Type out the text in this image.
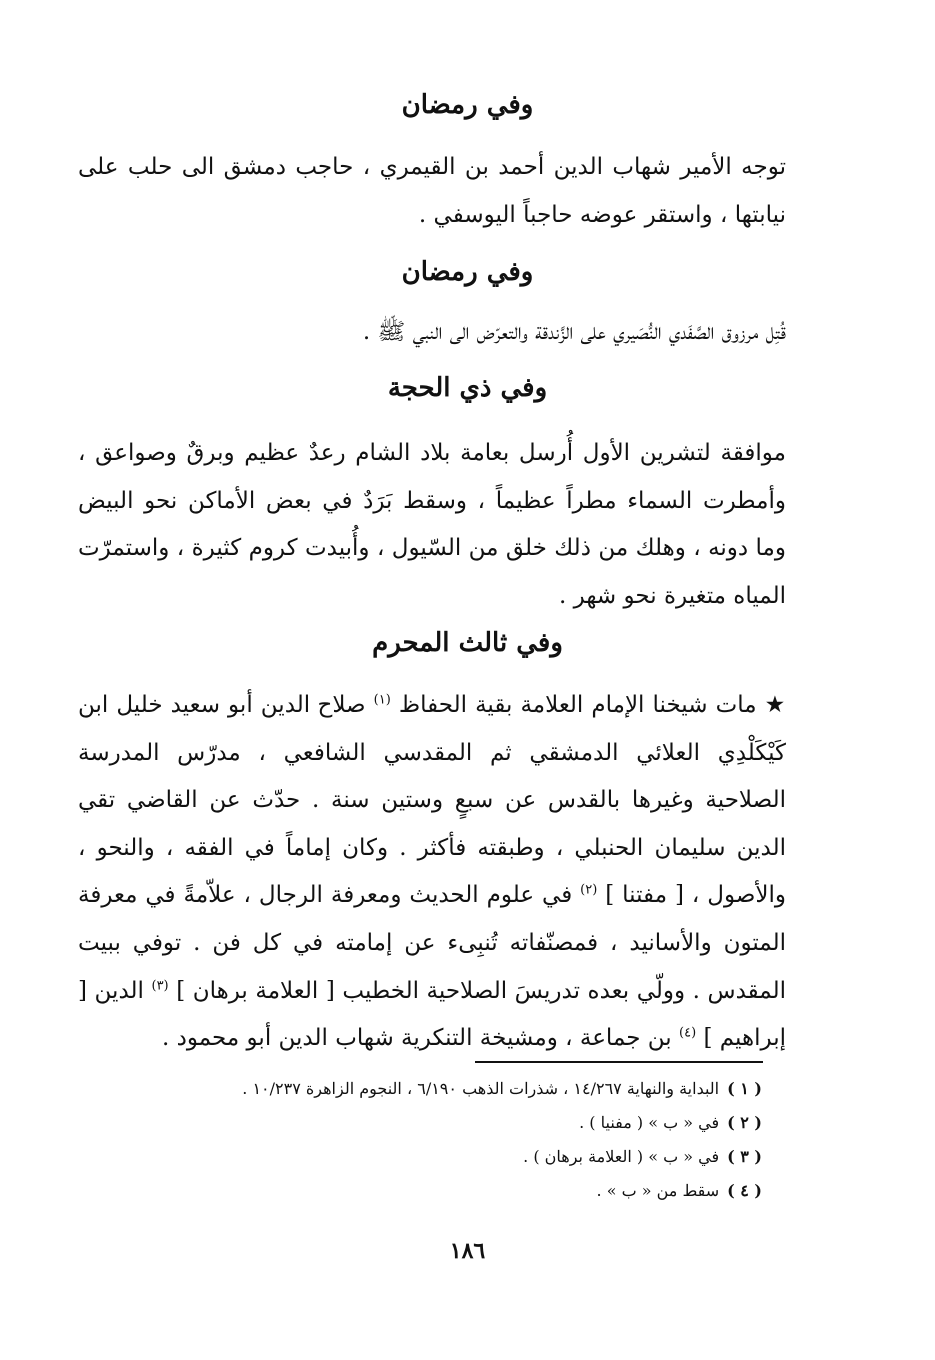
وفي رمضان
توجه الأمير شهاب الدين أحمد بن القيمري ، حاجب دمشق الى حلب على نيابتها ، واستقر عوضه حاجباً اليوسفي .
وفي رمضان
قُتِل مرزوق الصَّفَدي النُّصَيري على الزَّندقة والتعرّض الى النبي ﷺ .
وفي ذي الحجة
موافقة لتشرين الأول أُرسل بعامة بلاد الشام رعدٌ عظيم وبرقٌ وصواعق ، وأمطرت السماء مطراً عظيماً ، وسقط بَرَدٌ في بعض الأماكن نحو البيض وما دونه ، وهلك من ذلك خلق من السّيول ، وأُبيدت كروم كثيرة ، واستمرّت المياه متغيرة نحو شهر .
وفي ثالث المحرم
★ مات شيخنا الإمام العلامة بقية الحفاظ $^{(١)}$ صلاح الدين أبو سعيد خليل ابن كَيْكَلْدِي العلائي الدمشقي ثم المقدسي الشافعي ، مدرّس المدرسة الصلاحية وغيرها بالقدس عن سبعٍ وستين سنة . حدّث عن القاضي تقي الدين سليمان الحنبلي ، وطبقته فأكثر . وكان إماماً في الفقه ، والنحو ، والأصول ، [ مفتنا ] $^{(٢)}$ في علوم الحديث ومعرفة الرجال ، علاّمةً في معرفة المتون والأسانيد ، فمصنّفاته تُنبِىء عن إمامته في كل فن . توفي ببيت المقدس . وولّي بعده تدريسَ الصلاحية الخطيب [ العلامة برهان ] $^{(٣)}$ الدين [ إبراهيم ] $^{(٤)}$ بن جماعة ، ومشيخة التنكرية شهاب الدين أبو محمود .
( ١ )
البداية والنهاية ١٤/٢٦٧ ، شذرات الذهب ٦/١٩٠ ، النجوم الزاهرة ١٠/٢٣٧ .
( ٢ )
في « ب » ( مفنيا ) .
( ٣ )
في « ب » ( العلامة برهان ) .
( ٤ )
سقط من « ب » .
١٨٦
